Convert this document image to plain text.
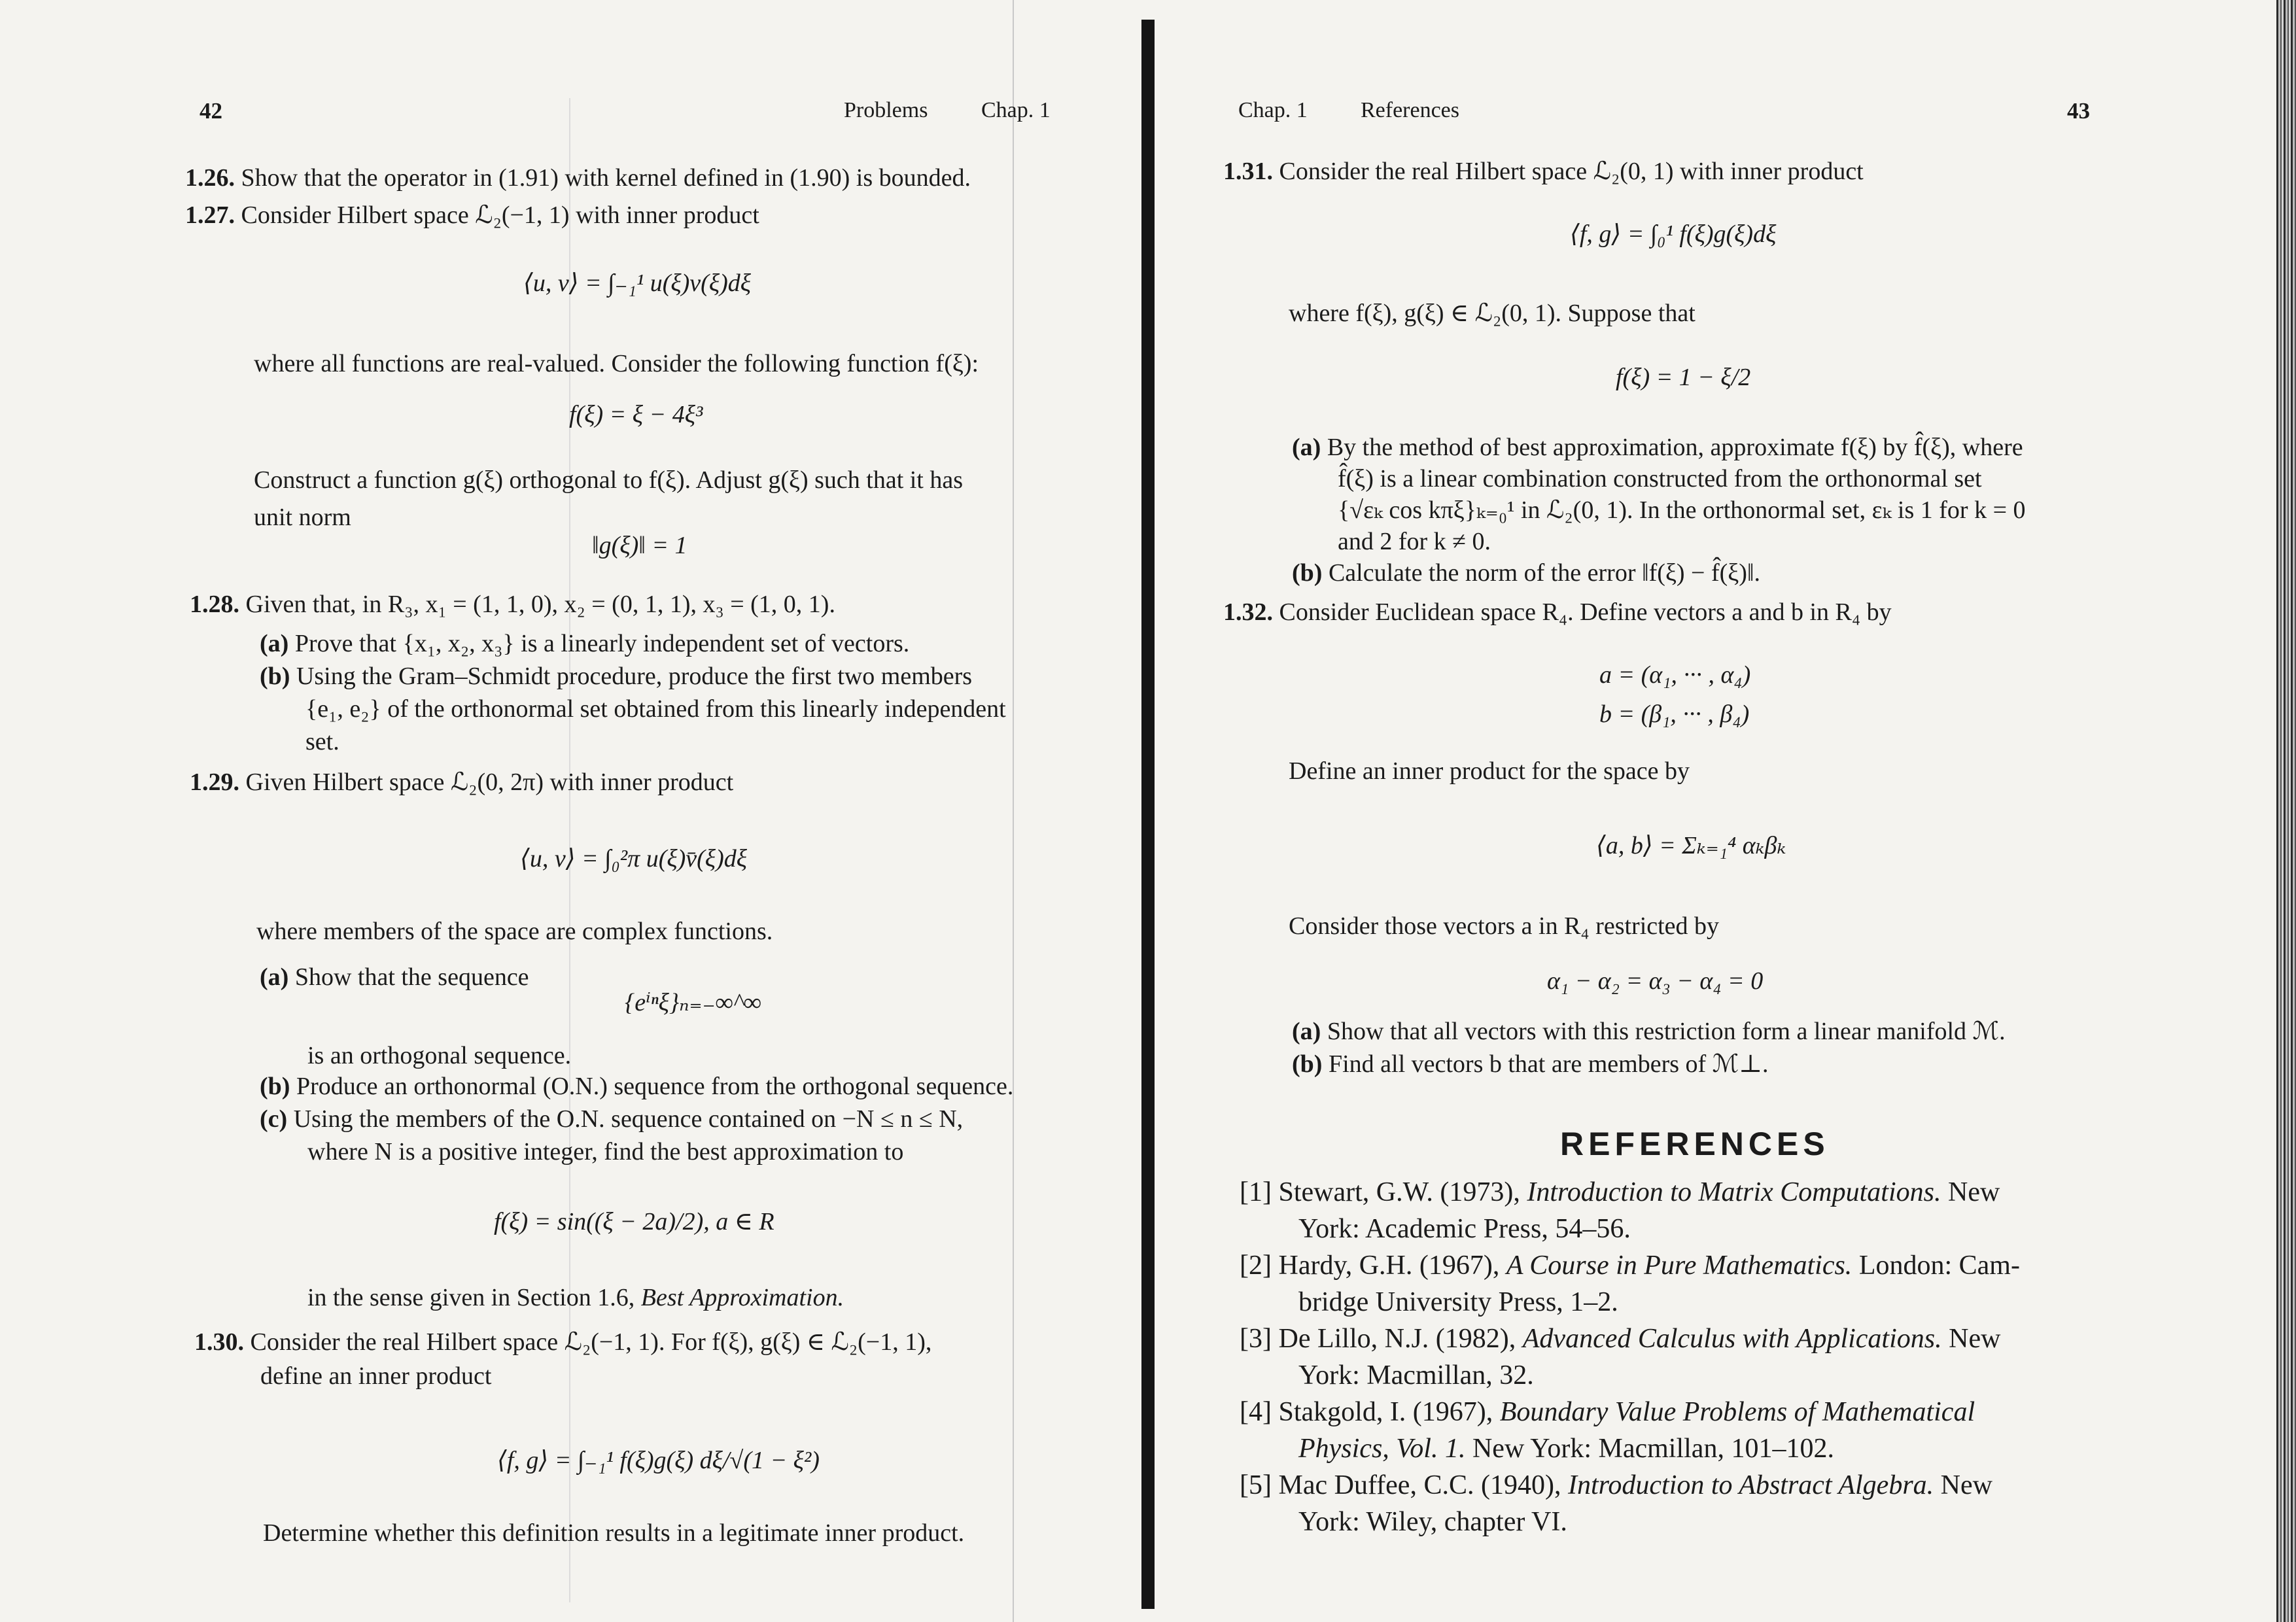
42	Problems Chap. 1
1.26. Show that the operator in (1.91) with kernel defined in (1.90) is bounded.
1.27. Consider Hilbert space ℒ₂(−1, 1) with inner product
⟨u, v⟩ = ∫₋₁¹ u(ξ)v(ξ)dξ
where all functions are real-valued. Consider the following function f(ξ):
f(ξ) = ξ − 4ξ³
Construct a function g(ξ) orthogonal to f(ξ). Adjust g(ξ) such that it has
unit norm
‖g(ξ)‖ = 1
1.28. Given that, in R₃, x₁ = (1, 1, 0), x₂ = (0, 1, 1), x₃ = (1, 0, 1).
(a) Prove that {x₁, x₂, x₃} is a linearly independent set of vectors.
(b) Using the Gram–Schmidt procedure, produce the first two members
{e₁, e₂} of the orthonormal set obtained from this linearly independent
set.
1.29. Given Hilbert space ℒ₂(0, 2π) with inner product
⟨u, v⟩ = ∫₀²π u(ξ)v̄(ξ)dξ
where members of the space are complex functions.
(a) Show that the sequence
{eⁱⁿξ}ₙ₌₋∞^∞
is an orthogonal sequence.
(b) Produce an orthonormal (O.N.) sequence from the orthogonal sequence.
(c) Using the members of the O.N. sequence contained on −N ≤ n ≤ N,
where N is a positive integer, find the best approximation to
f(ξ) = sin((ξ − 2a)/2), a ∈ R
in the sense given in Section 1.6, Best Approximation.
1.30. Consider the real Hilbert space ℒ₂(−1, 1). For f(ξ), g(ξ) ∈ ℒ₂(−1, 1),
define an inner product
⟨f, g⟩ = ∫₋₁¹ f(ξ)g(ξ) dξ/√(1 − ξ²)
Determine whether this definition results in a legitimate inner product.
Chap. 1 References	43
1.31. Consider the real Hilbert space ℒ₂(0, 1) with inner product
⟨f, g⟩ = ∫₀¹ f(ξ)g(ξ)dξ
where f(ξ), g(ξ) ∈ ℒ₂(0, 1). Suppose that
f(ξ) = 1 − ξ/2
(a) By the method of best approximation, approximate f(ξ) by f̂(ξ), where
f̂(ξ) is a linear combination constructed from the orthonormal set
{√εₖ cos kπξ}ₖ₌₀¹ in ℒ₂(0, 1). In the orthonormal set, εₖ is 1 for k = 0
and 2 for k ≠ 0.
(b) Calculate the norm of the error ‖f(ξ) − f̂(ξ)‖.
1.32. Consider Euclidean space R₄. Define vectors a and b in R₄ by
a = (α₁, ··· , α₄)
b = (β₁, ··· , β₄)
Define an inner product for the space by
⟨a, b⟩ = Σₖ₌₁⁴ αₖβₖ
Consider those vectors a in R₄ restricted by
α₁ − α₂ = α₃ − α₄ = 0
(a) Show that all vectors with this restriction form a linear manifold ℳ.
(b) Find all vectors b that are members of ℳ⊥.
REFERENCES
[1] Stewart, G.W. (1973), Introduction to Matrix Computations. New
York: Academic Press, 54–56.
[2] Hardy, G.H. (1967), A Course in Pure Mathematics. London: Cam-
bridge University Press, 1–2.
[3] De Lillo, N.J. (1982), Advanced Calculus with Applications. New
York: Macmillan, 32.
[4] Stakgold, I. (1967), Boundary Value Problems of Mathematical
Physics, Vol. 1. New York: Macmillan, 101–102.
[5] Mac Duffee, C.C. (1940), Introduction to Abstract Algebra. New
York: Wiley, chapter VI.
